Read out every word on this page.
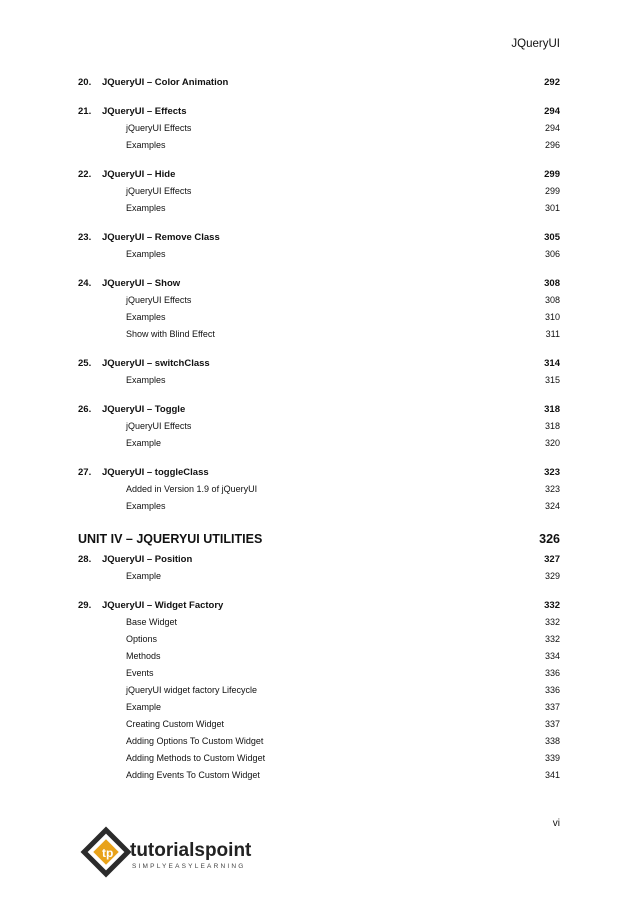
JQueryUI
20.	JQueryUI – Color Animation	292
21.	JQueryUI – Effects	294
jQueryUI Effects	294
Examples	296
22.	JQueryUI – Hide	299
jQueryUI Effects	299
Examples	301
23.	JQueryUI – Remove Class	305
Examples	306
24.	JQueryUI – Show	308
jQueryUI Effects	308
Examples	310
Show with Blind Effect	311
25.	JQueryUI – switchClass	314
Examples	315
26.	JQueryUI – Toggle	318
jQueryUI Effects	318
Example	320
27.	JQueryUI – toggleClass	323
Added in Version 1.9 of jQueryUI	323
Examples	324
UNIT IV – JQUERYUI UTILITIES	326
28.	JQueryUI – Position	327
Example	329
29.	JQueryUI – Widget Factory	332
Base Widget	332
Options	332
Methods	334
Events	336
jQueryUI widget factory Lifecycle	336
Example	337
Creating Custom Widget	337
Adding Options To Custom Widget	338
Adding Methods to Custom Widget	339
Adding Events To Custom Widget	341
vi
tp tutorialspoint
SIMPLYEASYLEARNING
